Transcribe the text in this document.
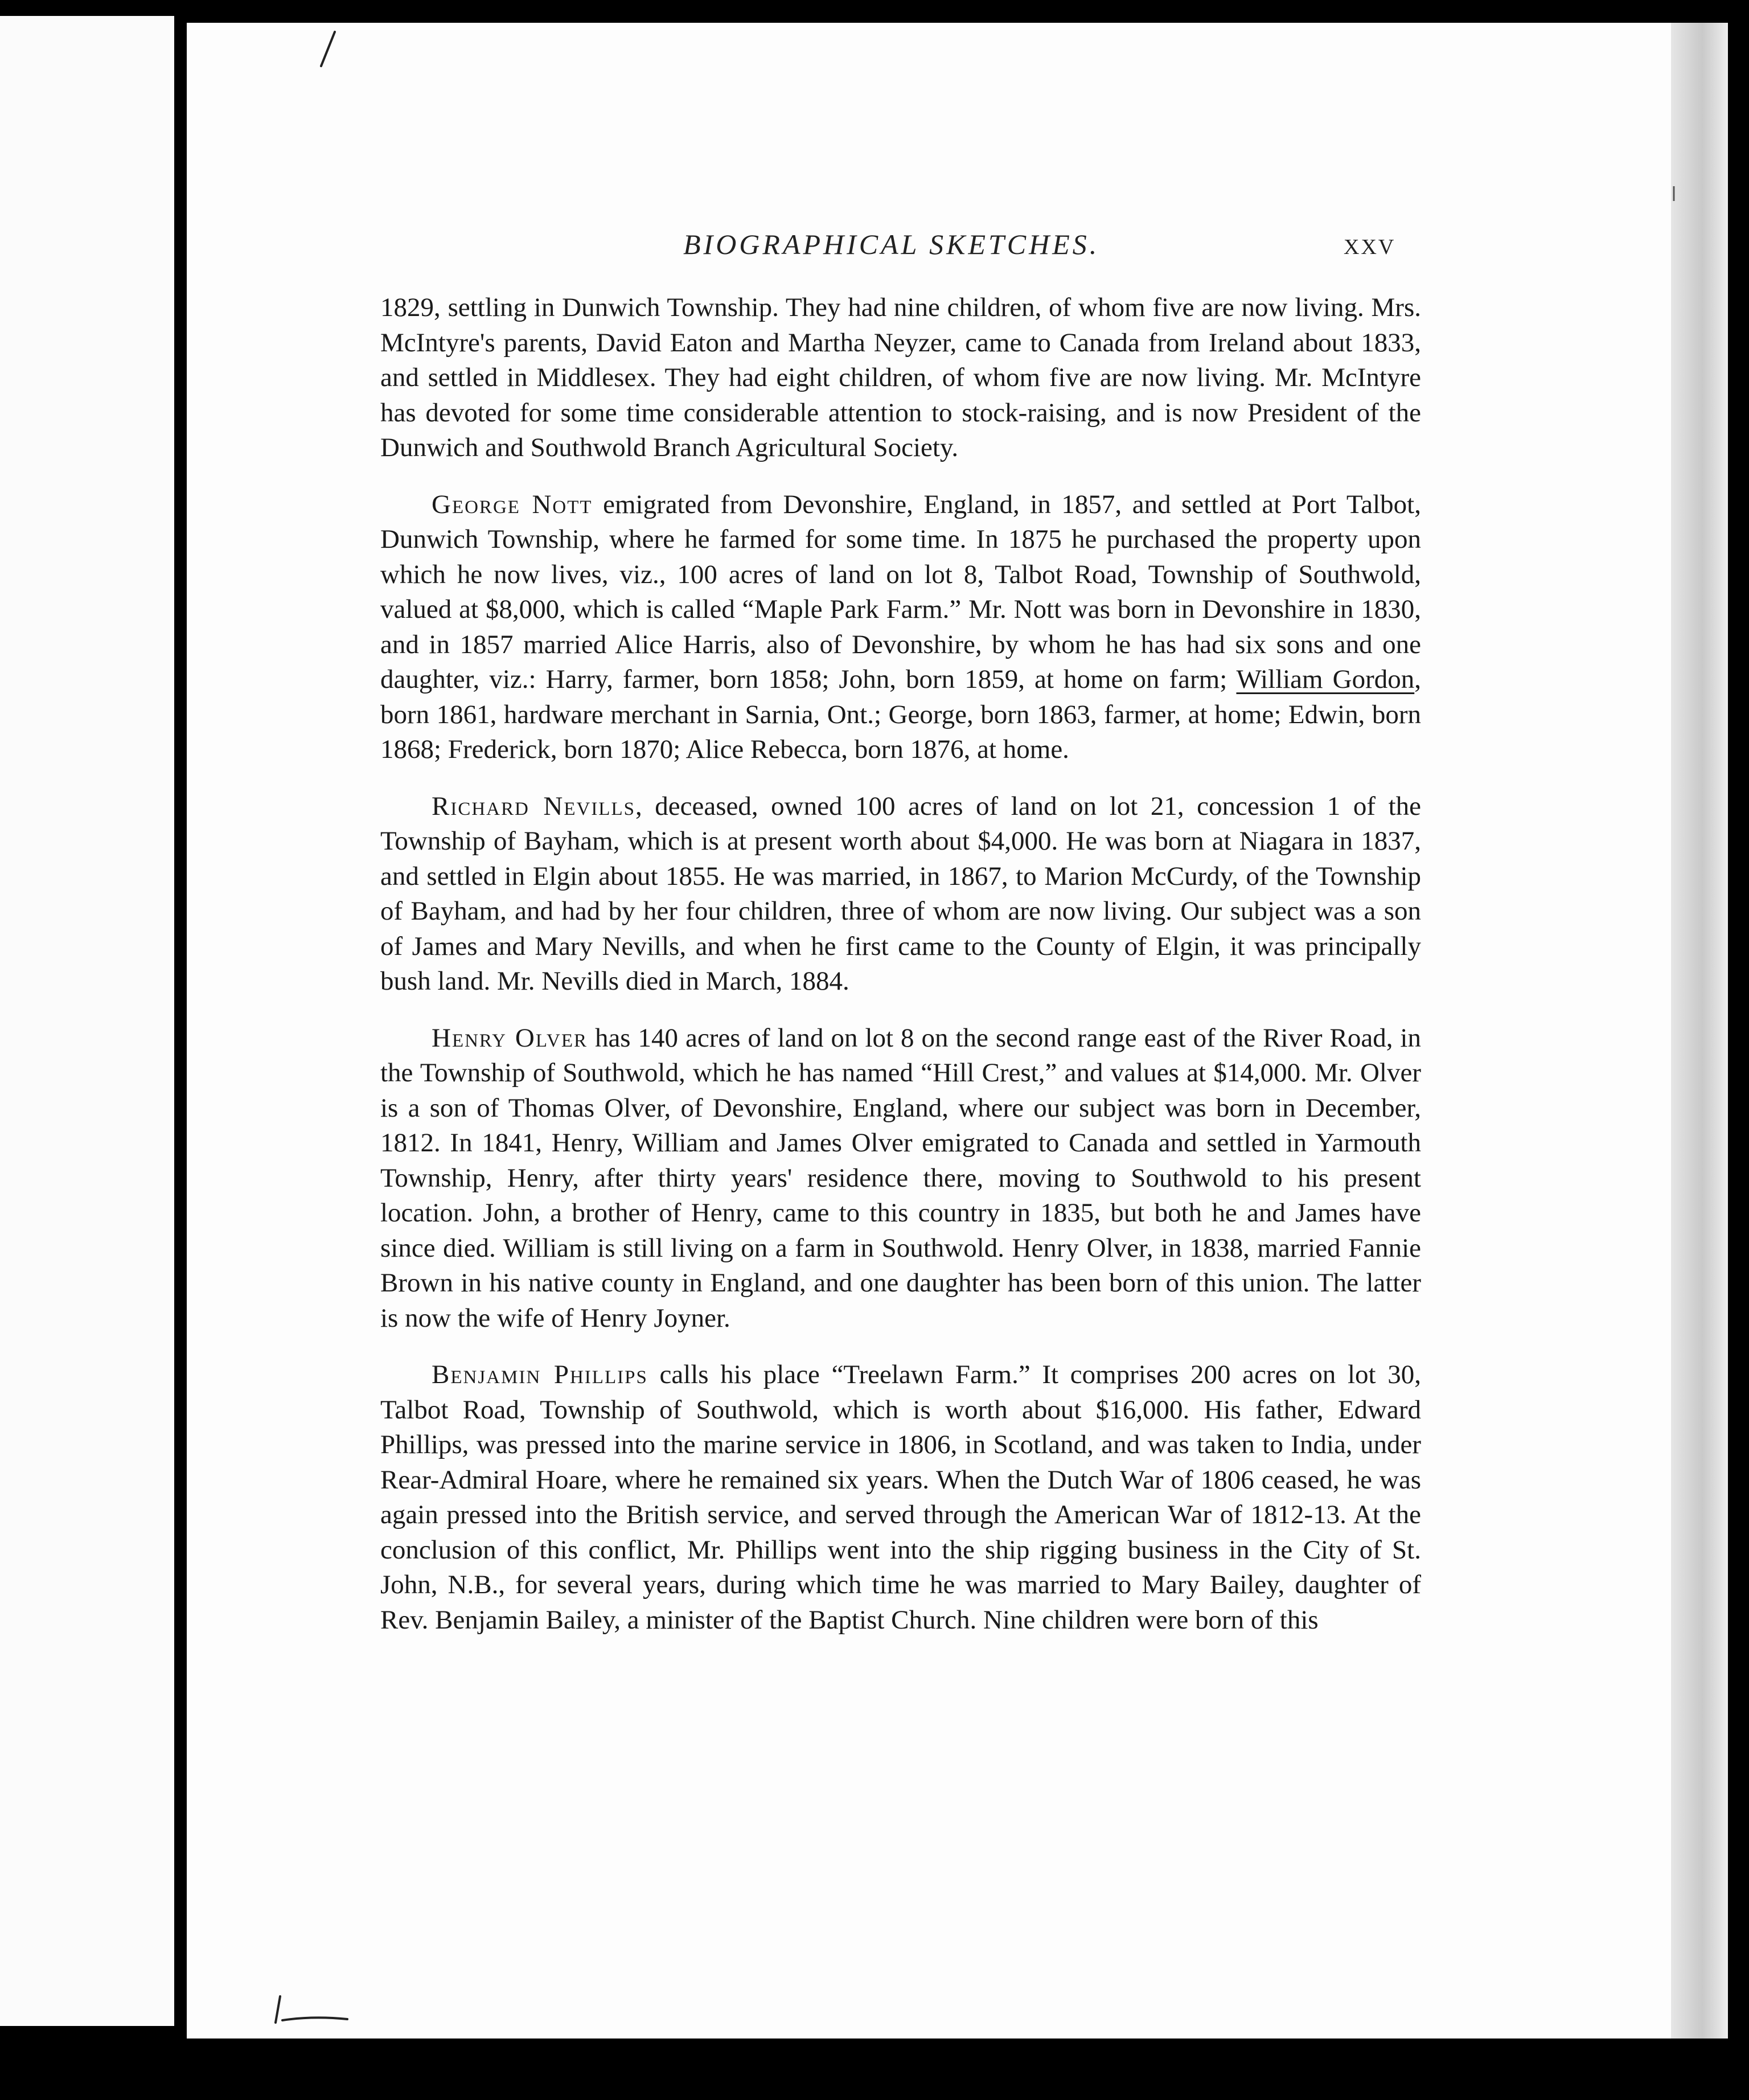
BIOGRAPHICAL SKETCHES.	XXV

1829, settling in Dunwich Township. They had nine children, of whom five are now living. Mrs. McIntyre's parents, David Eaton and Martha Neyzer, came to Canada from Ireland about 1833, and settled in Middlesex. They had eight children, of whom five are now living. Mr. McIntyre has devoted for some time considerable attention to stock-raising, and is now President of the Dunwich and Southwold Branch Agricultural Society.

George Nott emigrated from Devonshire, England, in 1857, and settled at Port Talbot, Dunwich Township, where he farmed for some time. In 1875 he purchased the property upon which he now lives, viz., 100 acres of land on lot 8, Talbot Road, Township of Southwold, valued at $8,000, which is called “Maple Park Farm.” Mr. Nott was born in Devonshire in 1830, and in 1857 married Alice Harris, also of Devonshire, by whom he has had six sons and one daughter, viz.: Harry, farmer, born 1858; John, born 1859, at home on farm; William Gordon, born 1861, hardware merchant in Sarnia, Ont.; George, born 1863, farmer, at home; Edwin, born 1868; Frederick, born 1870; Alice Rebecca, born 1876, at home.

Richard Nevills, deceased, owned 100 acres of land on lot 21, concession 1 of the Township of Bayham, which is at present worth about $4,000. He was born at Niagara in 1837, and settled in Elgin about 1855. He was married, in 1867, to Marion McCurdy, of the Township of Bayham, and had by her four children, three of whom are now living. Our subject was a son of James and Mary Nevills, and when he first came to the County of Elgin, it was principally bush land. Mr. Nevills died in March, 1884.

Henry Olver has 140 acres of land on lot 8 on the second range east of the River Road, in the Township of Southwold, which he has named “Hill Crest,” and values at $14,000. Mr. Olver is a son of Thomas Olver, of Devonshire, England, where our subject was born in December, 1812. In 1841, Henry, William and James Olver emigrated to Canada and settled in Yarmouth Township, Henry, after thirty years' residence there, moving to Southwold to his present location. John, a brother of Henry, came to this country in 1835, but both he and James have since died. William is still living on a farm in Southwold. Henry Olver, in 1838, married Fannie Brown in his native county in England, and one daughter has been born of this union. The latter is now the wife of Henry Joyner.

Benjamin Phillips calls his place “Treelawn Farm.” It comprises 200 acres on lot 30, Talbot Road, Township of Southwold, which is worth about $16,000. His father, Edward Phillips, was pressed into the marine service in 1806, in Scotland, and was taken to India, under Rear-Admiral Hoare, where he remained six years. When the Dutch War of 1806 ceased, he was again pressed into the British service, and served through the American War of 1812-13. At the conclusion of this conflict, Mr. Phillips went into the ship rigging business in the City of St. John, N.B., for several years, during which time he was married to Mary Bailey, daughter of Rev. Benjamin Bailey, a minister of the Baptist Church. Nine children were born of this
